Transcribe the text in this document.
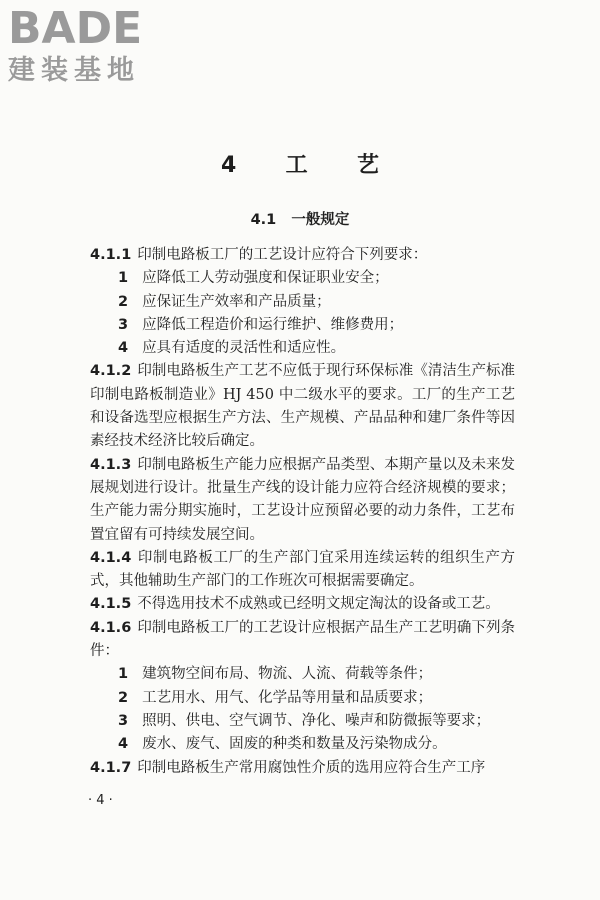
BADE
建装基地
4 工 艺
4.1 一般规定

4.1.1 印制电路板工厂的工艺设计应符合下列要求：

1 应降低工人劳动强度和保证职业安全；

2 应保证生产效率和产品质量；

3 应降低工程造价和运行维护、维修费用；

4 应具有适度的灵活性和适应性。

4.1.2 印制电路板生产工艺不应低于现行环保标准《清洁生产标准　印制电路板制造业》HJ 450 中二级水平的要求。工厂的生产工艺和设备选型应根据生产方法、生产规模、产品品种和建厂条件等因素经技术经济比较后确定。

4.1.3 印制电路板生产能力应根据产品类型、本期产量以及未来发展规划进行设计。批量生产线的设计能力应符合经济规模的要求；生产能力需分期实施时，工艺设计应预留必要的动力条件，工艺布置宜留有可持续发展空间。

4.1.4 印制电路板工厂的生产部门宜采用连续运转的组织生产方式，其他辅助生产部门的工作班次可根据需要确定。

4.1.5 不得选用技术不成熟或已经明文规定淘汰的设备或工艺。

4.1.6 印制电路板工厂的工艺设计应根据产品生产工艺明确下列条件：

1 建筑物空间布局、物流、人流、荷载等条件；

2 工艺用水、用气、化学品等用量和品质要求；

3 照明、供电、空气调节、净化、噪声和防微振等要求；

4 废水、废气、固废的种类和数量及污染物成分。

4.1.7 印制电路板生产常用腐蚀性介质的选用应符合生产工序

· 4 ·
